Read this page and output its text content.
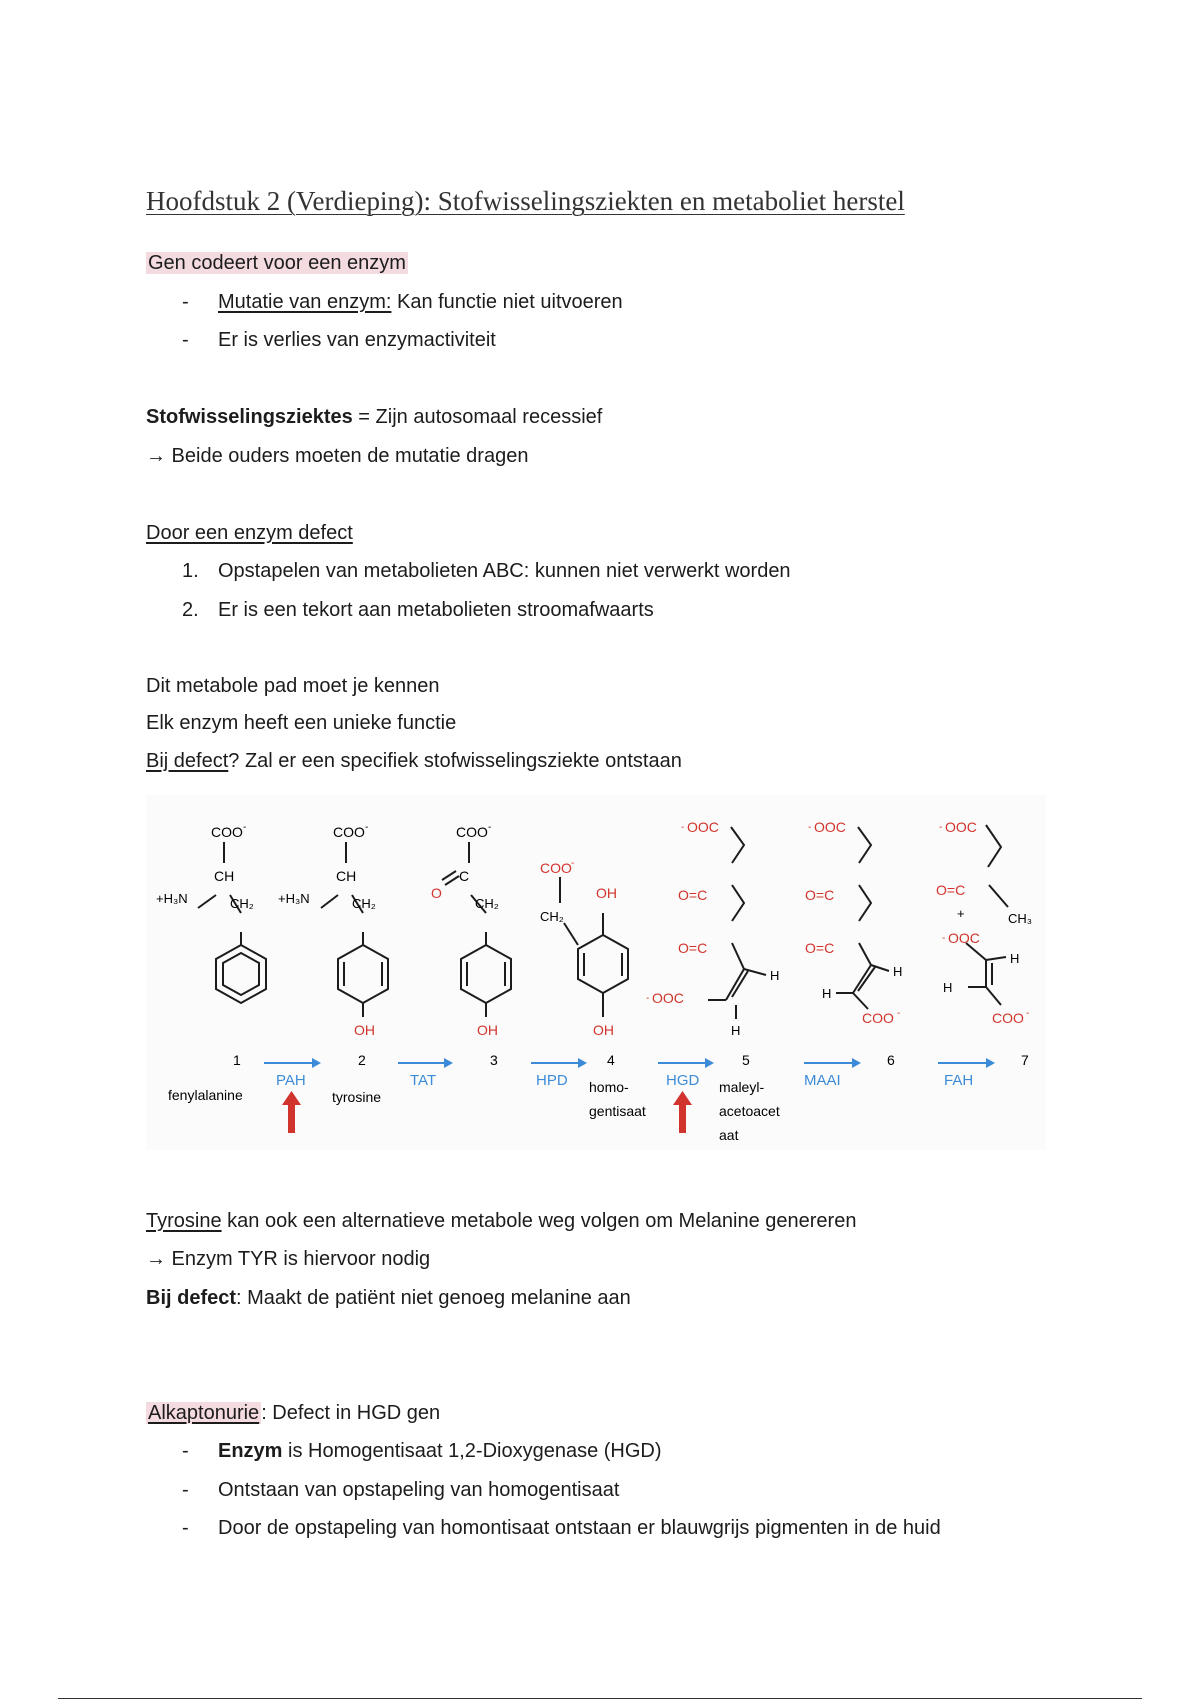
Hoofdstuk 2 (Verdieping): Stofwisselingsziekten en metaboliet herstel
Gen codeert voor een enzym
- Mutatie van enzym: Kan functie niet uitvoeren
- Er is verlies van enzymactiviteit
Stofwisselingsziektes = Zijn autosomaal recessief
→ Beide ouders moeten de mutatie dragen
Door een enzym defect
1. Opstapelen van metabolieten ABC: kunnen niet verwerkt worden
2. Er is een tekort aan metabolieten stroomafwaarts
Dit metabole pad moet je kennen
Elk enzym heeft een unieke functie
Bij defect? Zal er een specifiek stofwisselingsziekte ontstaan
COO -
CH
+H₃N	CH₂
COO -
CH
+H₃N	CH₂
OH
COO -
O
C
CH₂
OH
COO -
CH₂
OH
OH
- OOC
O=C
O=C
H
- OOC
H
- OOC
O=C
O=C
H
H
COO -
- OOC
O=C
CH₃
+
- OOC
H
H
COO -
1	2	3	4	5	6	7
fenylalanine	tyrosine
homo-
gentisaat
maleyl-
acetoacet
aat
PAH	TAT	HPD	HGD	MAAI	FAH
Tyrosine kan ook een alternatieve metabole weg volgen om Melanine genereren
→ Enzym TYR is hiervoor nodig
Bij defect: Maakt de patiënt niet genoeg melanine aan
Alkaptonurie : Defect in HGD gen
- Enzym is Homogentisaat 1,2-Dioxygenase (HGD)
- Ontstaan van opstapeling van homogentisaat
- Door de opstapeling van homontisaat ontstaan er blauwgrijs pigmenten in de huid
